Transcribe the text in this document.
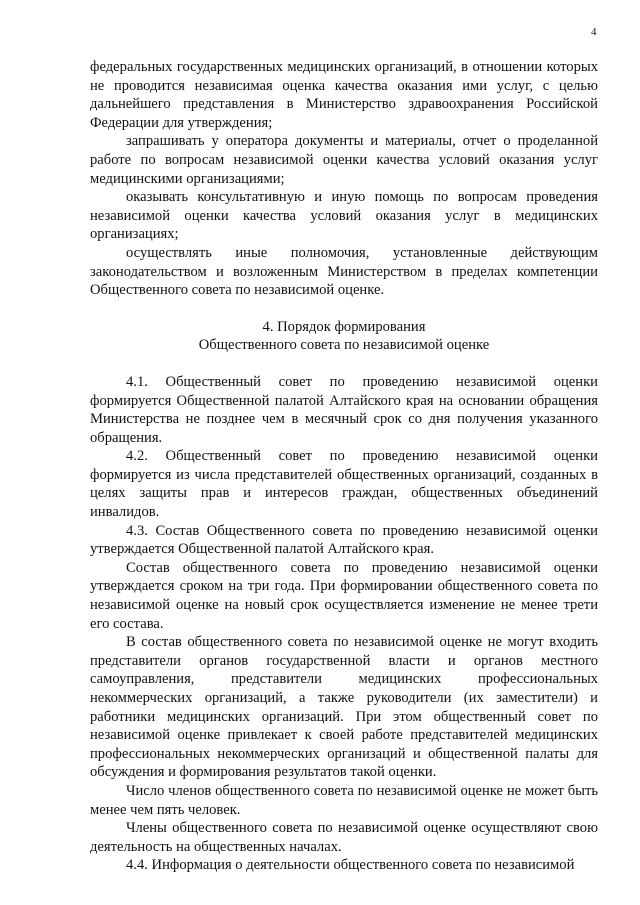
4

федеральных государственных медицинских организаций, в отношении которых не проводится независимая оценка качества оказания ими услуг, с целью дальнейшего представления в Министерство здравоохранения Российской Федерации для утверждения;

запрашивать у оператора документы и материалы, отчет о проделанной работе по вопросам независимой оценки качества условий оказания услуг медицинскими организациями;

оказывать консультативную и иную помощь по вопросам проведения независимой оценки качества условий оказания услуг в медицинских организациях;

осуществлять иные полномочия, установленные действующим законодательством и возложенным Министерством в пределах компетенции Общественного совета по независимой оценке.

4. Порядок формирования
Общественного совета по независимой оценке

4.1. Общественный совет по проведению независимой оценки формируется Общественной палатой Алтайского края на основании обращения Министерства не позднее чем в месячный срок со дня получения указанного обращения.

4.2. Общественный совет по проведению независимой оценки формируется из числа представителей общественных организаций, созданных в целях защиты прав и интересов граждан, общественных объединений инвалидов.

4.3. Состав Общественного совета по проведению независимой оценки утверждается Общественной палатой Алтайского края.

Состав общественного совета по проведению независимой оценки утверждается сроком на три года. При формировании общественного совета по независимой оценке на новый срок осуществляется изменение не менее трети его состава.

В состав общественного совета по независимой оценке не могут входить представители органов государственной власти и органов местного самоуправления, представители медицинских профессиональных некоммерческих организаций, а также руководители (их заместители) и работники медицинских организаций. При этом общественный совет по независимой оценке привлекает к своей работе представителей медицинских профессиональных некоммерческих организаций и общественной палаты для обсуждения и формирования результатов такой оценки.

Число членов общественного совета по независимой оценке не может быть менее чем пять человек.

Члены общественного совета по независимой оценке осуществляют свою деятельность на общественных началах.

4.4. Информация о деятельности общественного совета по независимой
